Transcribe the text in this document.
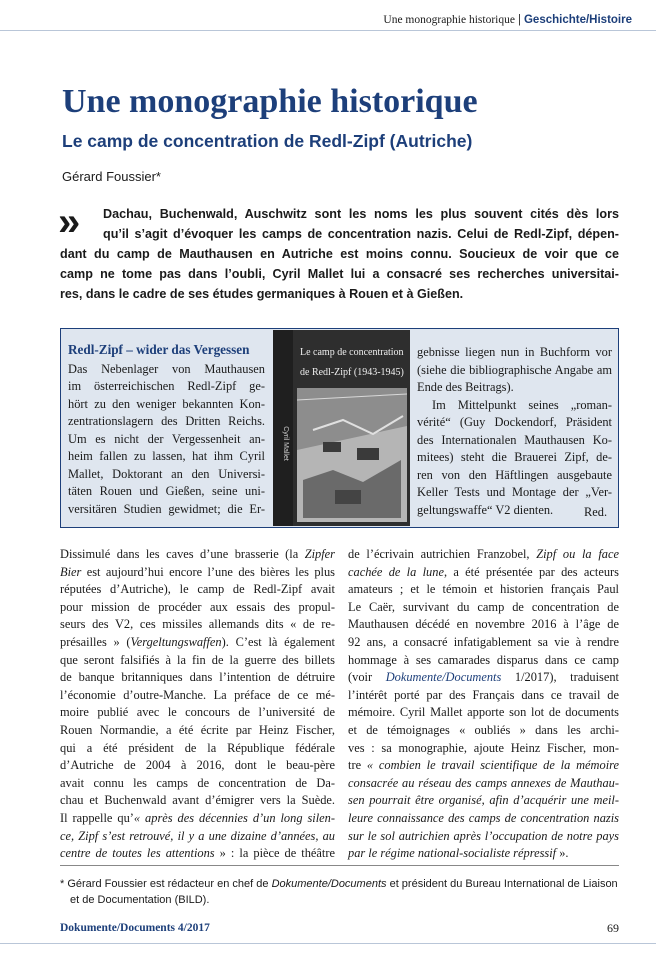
Une monographie historique | Geschichte/Histoire
Une monographie historique
Le camp de concentration de Redl-Zipf (Autriche)
Gérard Foussier*
» Dachau, Buchenwald, Auschwitz sont les noms les plus souvent cités dès lors
qu’il s’agit d’évoquer les camps de concentration nazis. Celui de Redl-Zipf, dépen-
dant du camp de Mauthausen en Autriche est moins connu. Soucieux de voir que ce
camp ne tome pas dans l’oubli, Cyril Mallet lui a consacré ses recherches universitai-
res, dans le cadre de ses études germaniques à Rouen et à Gießen.
Redl-Zipf – wider das Vergessen
Das Nebenlager von Mauthausen
im österreichischen Redl-Zipf ge-
hört zu den weniger bekannten Kon-
zentrationslagern des Dritten Reichs.
Um es nicht der Vergessenheit an-
heim fallen zu lassen, hat ihm Cyril
Mallet, Doktorant an den Universi-
täten Rouen und Gießen, seine uni-
versitären Studien gewidmet; die Er-
Le camp de concentration
de Redl-Zipf (1943-1945)
Cyril Mallet
gebnisse liegen nun in Buchform vor
(siehe die bibliographische Angabe am
Ende des Beitrags).
Im Mittelpunkt seines „roman-
vérité“ (Guy Dockendorf, Präsident
des Internationalen Mauthausen Ko-
mitees) steht die Brauerei Zipf, de-
ren von den Häftlingen ausgebaute
Keller Tests und Montage der „Ver-
geltungswaffe“ V2 dienten. Red.
Dissimulé dans les caves d’une brasserie (la Zipfer
Bier est aujourd’hui encore l’une des bières les plus
réputées d’Autriche), le camp de Redl-Zipf avait
pour mission de procéder aux essais des propul-
seurs des V2, ces missiles allemands dits « de re-
présailles » (Vergeltungswaffen). C’est là également
que seront falsifiés à la fin de la guerre des billets
de banque britanniques dans l’intention de détruire
l’économie d’outre-Manche. La préface de ce mé-
moire publié avec le concours de l’université de
Rouen Normandie, a été écrite par Heinz Fischer,
qui a été président de la République fédérale
d’Autriche de 2004 à 2016, dont le beau-père
avait connu les camps de concentration de Da-
chau et Buchenwald avant d’émigrer vers la Suède.
Il rappelle qu’« après des décennies d’un long silen-
ce, Zipf s’est retrouvé, il y a une dizaine d’années, au
centre de toutes les attentions » : la pièce de théâtre
de l’écrivain autrichien Franzobel, Zipf ou la face
cachée de la lune, a été présentée par des acteurs
amateurs ; et le témoin et historien français Paul
Le Caër, survivant du camp de concentration de
Mauthausen décédé en novembre 2016 à l’âge de
92 ans, a consacré infatigablement sa vie à rendre
hommage à ses camarades disparus dans ce camp
(voir Dokumente/Documents 1/2017), traduisent
l’intérêt porté par des Français dans ce travail de
mémoire. Cyril Mallet apporte son lot de documents
et de témoignages « oubliés » dans les archi-
ves : sa monographie, ajoute Heinz Fischer, mon-
tre « combien le travail scientifique de la mémoire
consacrée au réseau des camps annexes de Mauthau-
sen pourrait être organisé, afin d’acquérir une meil-
leure connaissance des camps de concentration nazis
sur le sol autrichien après l’occupation de notre pays
par le régime national-socialiste répressif ».
* Gérard Foussier est rédacteur en chef de Dokumente/Documents et président du Bureau International de Liaison
et de Documentation (BILD).
Dokumente/Documents 4/2017	69
